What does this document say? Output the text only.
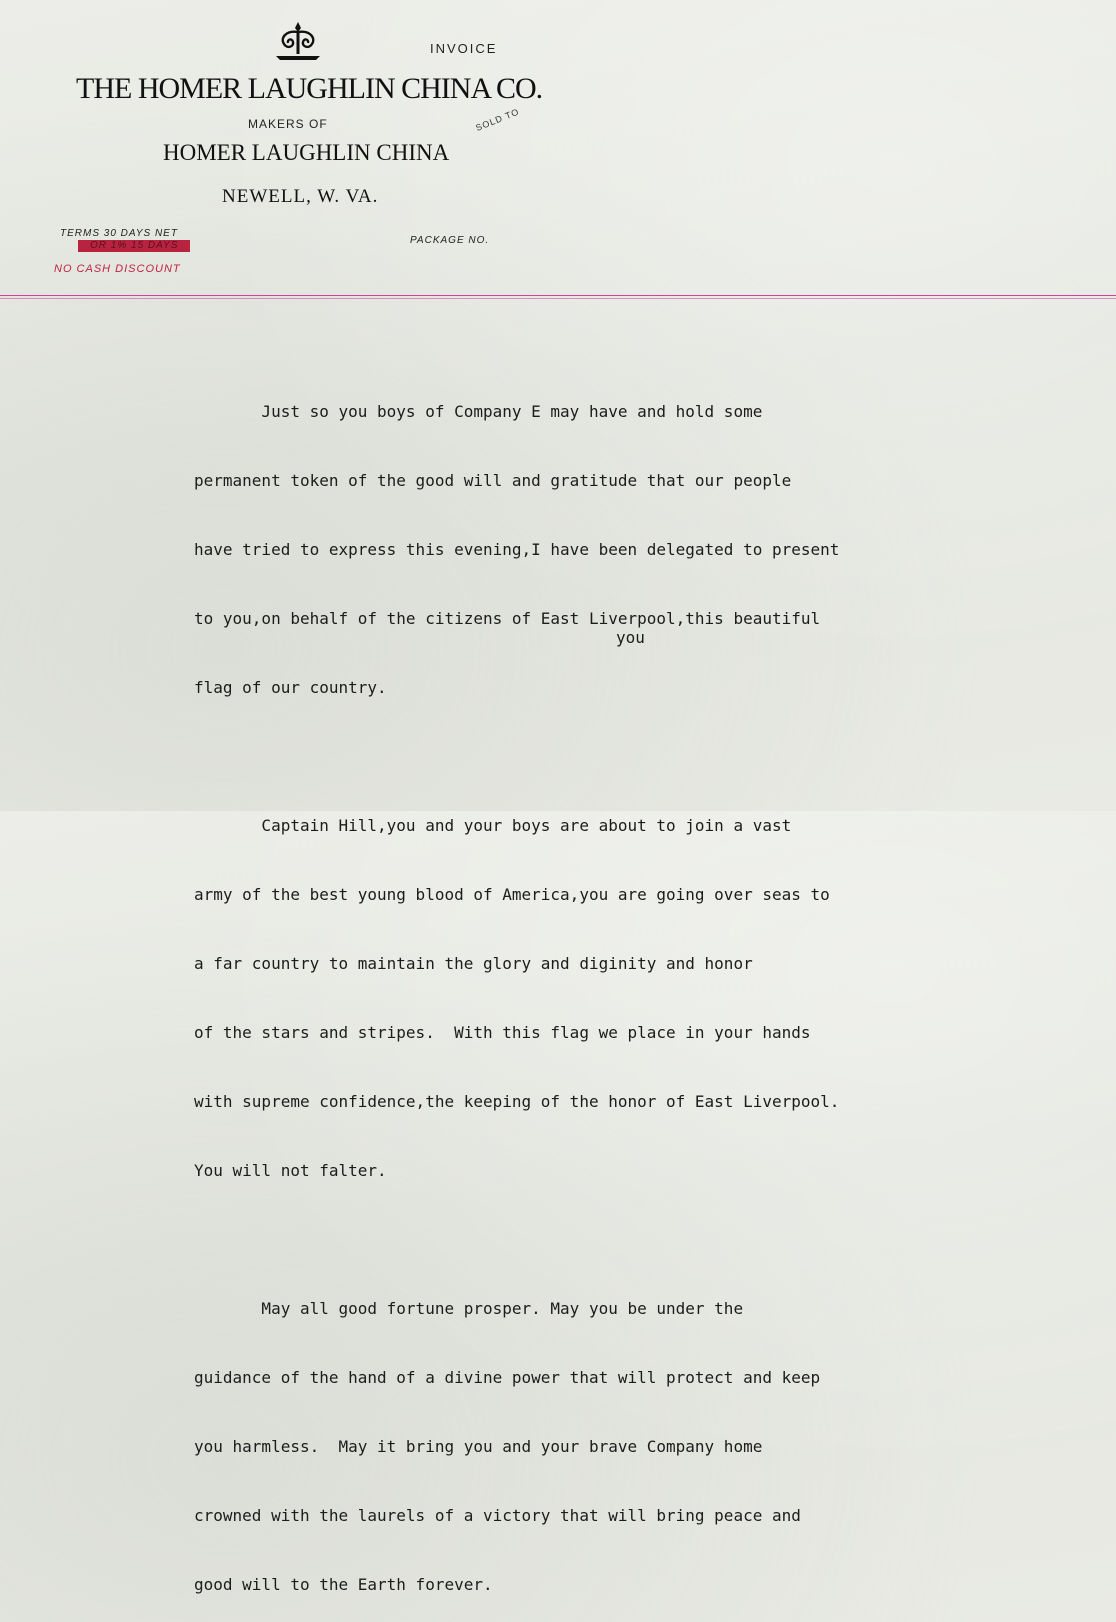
INVOICE
THE HOMER LAUGHLIN CHINA CO.
MAKERS OF
HOMER LAUGHLIN CHINA
NEWELL, W. VA.
SOLD TO
TERMS 30 DAYS NET
OR 1% 15 DAYS
NO CASH DISCOUNT
PACKAGE NO.
you

Just so you boys of Company E may have and hold some

permanent token of the good will and gratitude that our people

have tried to express this evening,I have been delegated to present

to you,on behalf of the citizens of East Liverpool,this beautiful

flag of our country.

Captain Hill,you and your boys are about to join a vast

army of the best young blood of America,you are going over seas to

a far country to maintain the glory and diginity and honor

of the stars and stripes.  With this flag we place in your hands

with supreme confidence,the keeping of the honor of East Liverpool.

You will not falter.

May all good fortune prosper. May you be under the

guidance of the hand of a divine power that will protect and keep

you harmless.  May it bring you and your brave Company home

crowned with the laurels of a victory that will bring peace and

good will to the Earth forever.
